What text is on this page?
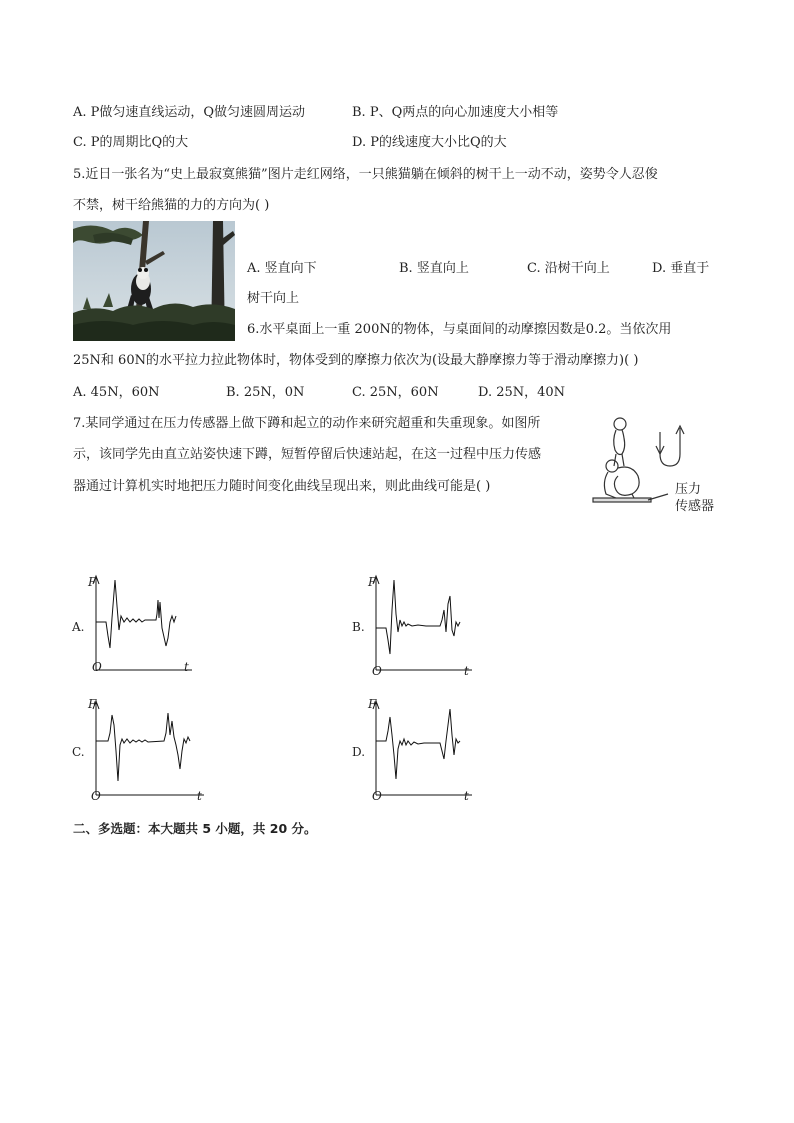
A. P做匀速直线运动，Q做匀速圆周运动	B. P、Q两点的向心加速度大小相等
C. P的周期比Q的大	D. P的线速度大小比Q的大
5.近日一张名为“史上最寂寞熊猫”图片走红网络，一只熊猫躺在倾斜的树干上一动不动，姿势令人忍俊
不禁，树干给熊猫的力的方向为( )
A. 竖直向下	B. 竖直向上	C. 沿树干向上	D. 垂直于
树干向上
6.水平桌面上一重 200N的物体，与桌面间的动摩擦因数是0.2。当依次用
25N和 60N的水平拉力拉此物体时，物体受到的摩擦力依次为(设最大静摩擦力等于滑动摩擦力)( )
A. 45N，60N	B. 25N，0N	C. 25N，60N	D. 25N，40N
7.某同学通过在压力传感器上做下蹲和起立的动作来研究超重和失重现象。如图所
示，该同学先由直立站姿快速下蹲，短暂停留后快速站起，在这一过程中压力传感
器通过计算机实时地把压力随时间变化曲线呈现出来，则此曲线可能是( )	压力
传感器
A.
F
O	t
B.
F
O	t
C.
F
O	t
D.
F
O	t
二、多选题：本大题共 5 小题，共 20 分。
